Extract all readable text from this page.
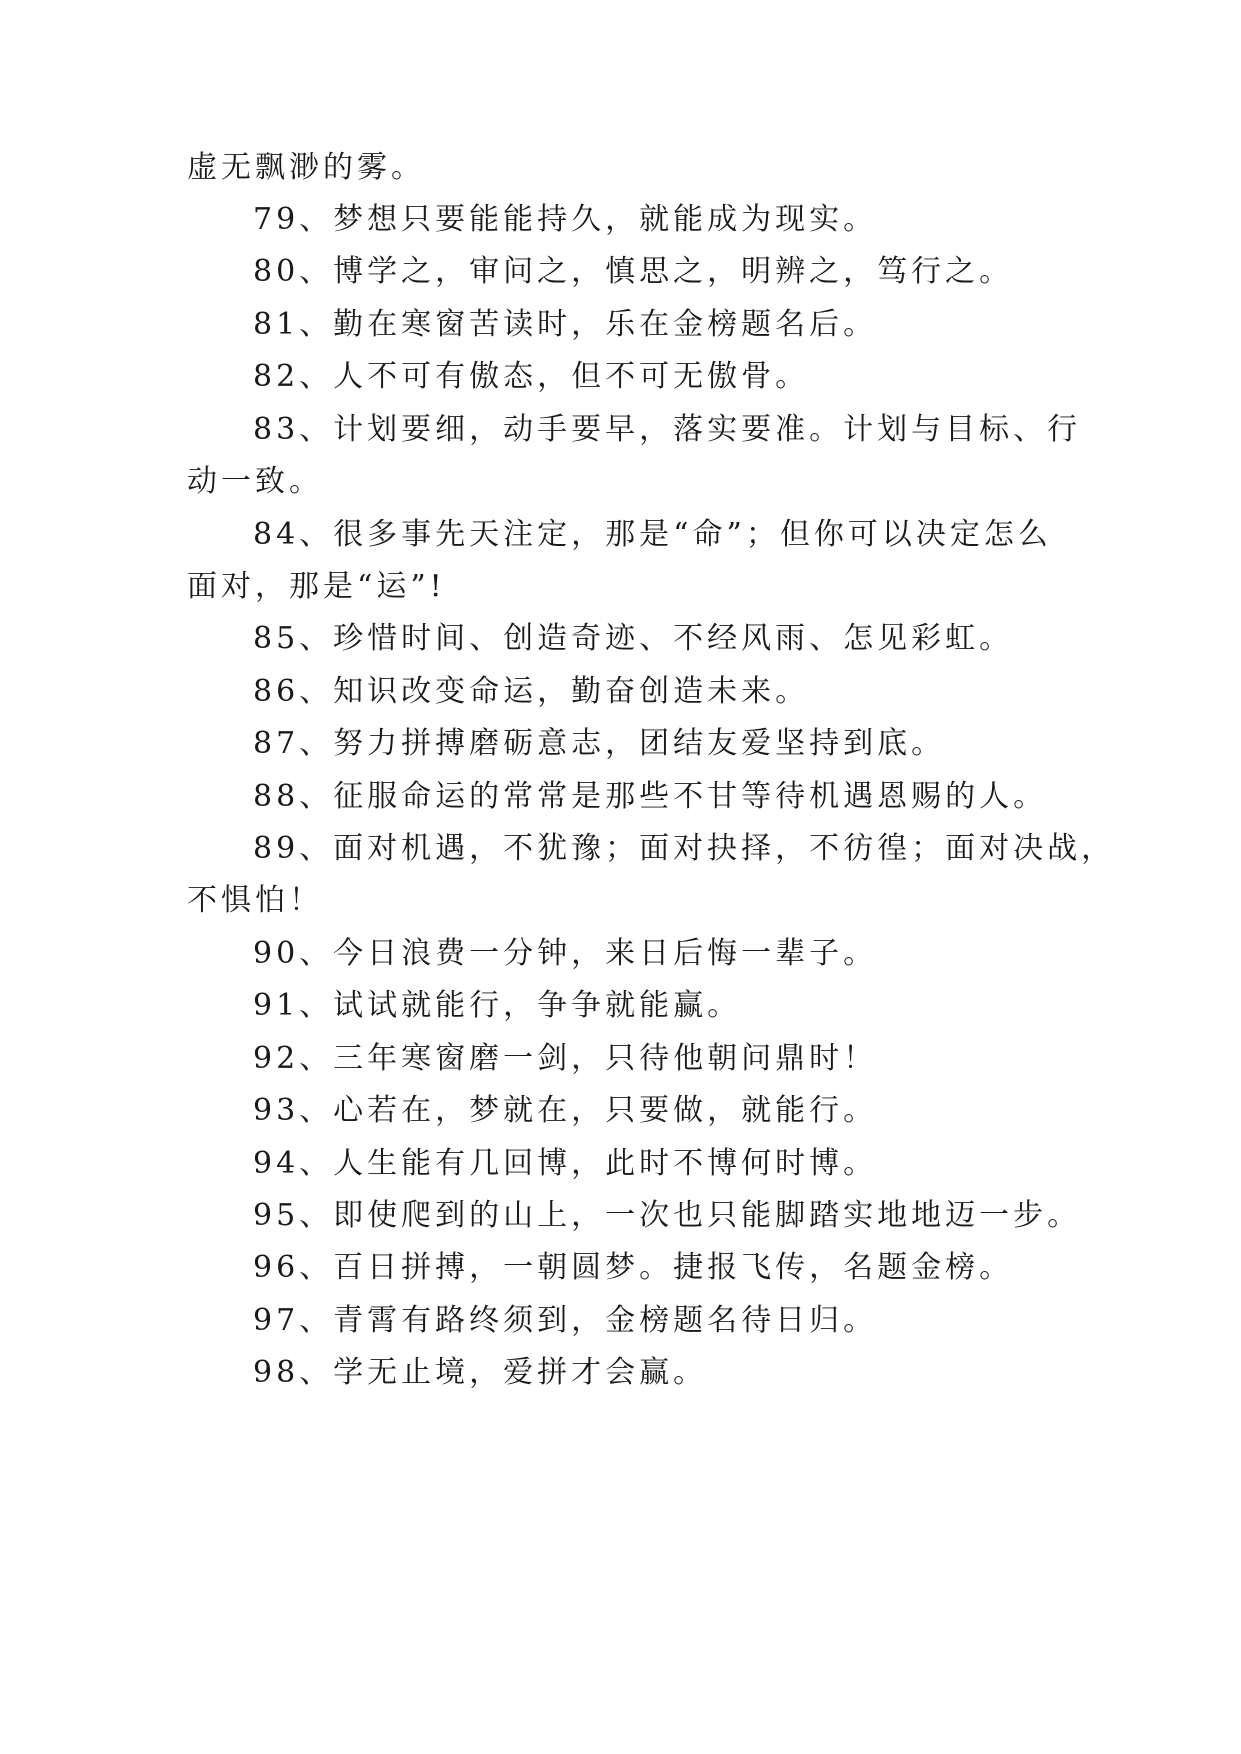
虚无飘渺的雾。
79、梦想只要能能持久，就能成为现实。
80、博学之，审问之，慎思之，明辨之，笃行之。
81、勤在寒窗苦读时，乐在金榜题名后。
82、人不可有傲态，但不可无傲骨。
83、计划要细，动手要早，落实要准。计划与目标、行
动一致。
84、很多事先天注定，那是“命”；但你可以决定怎么
面对，那是“运”!
85、珍惜时间、创造奇迹、不经风雨、怎见彩虹。
86、知识改变命运，勤奋创造未来。
87、努力拼搏磨砺意志，团结友爱坚持到底。
88、征服命运的常常是那些不甘等待机遇恩赐的人。
89、面对机遇，不犹豫；面对抉择，不彷徨；面对决战，
不惧怕！
90、今日浪费一分钟，来日后悔一辈子。
91、试试就能行，争争就能赢。
92、三年寒窗磨一剑，只待他朝问鼎时！
93、心若在，梦就在，只要做，就能行。
94、人生能有几回博，此时不博何时博。
95、即使爬到的山上，一次也只能脚踏实地地迈一步。
96、百日拼搏，一朝圆梦。捷报飞传，名题金榜。
97、青霄有路终须到，金榜题名待日归。
98、学无止境，爱拼才会赢。
